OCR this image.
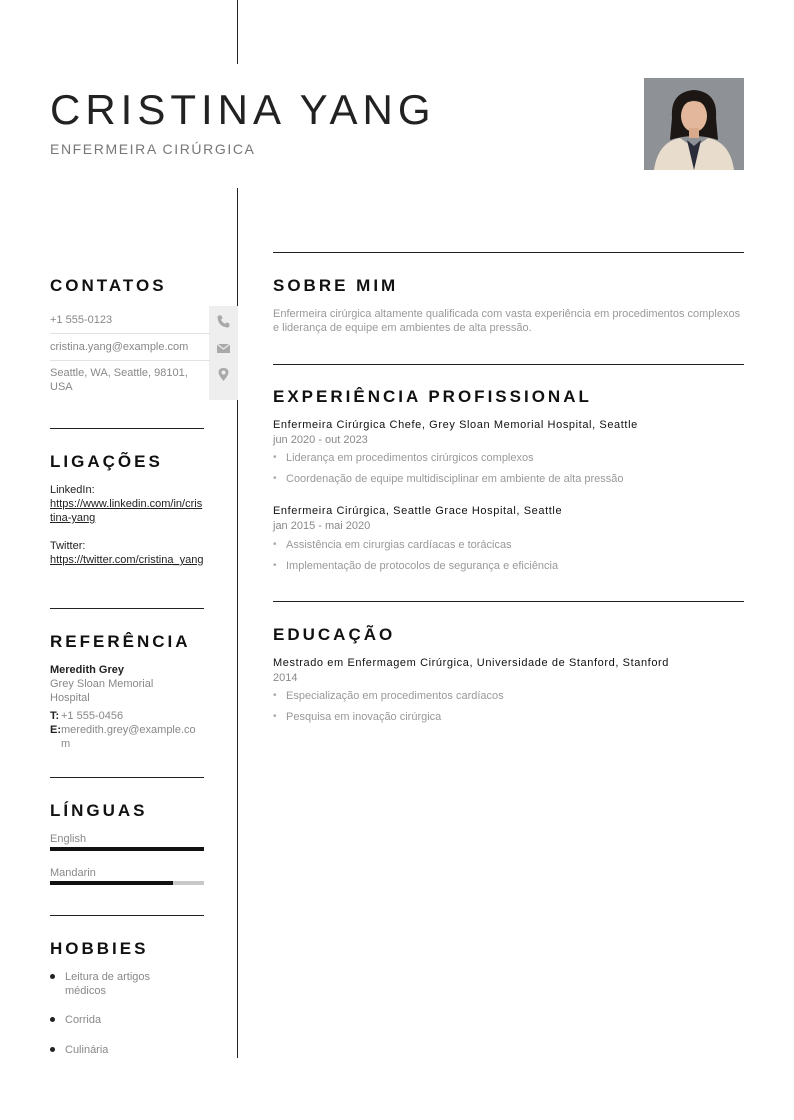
CRISTINA YANG
ENFERMEIRA CIRÚRGICA
CONTATOS
+1 555-0123
cristina.yang@example.com
Seattle, WA, Seattle, 98101, USA
LIGAÇÕES
LinkedIn:
https://www.linkedin.com/in/cristina-yang
Twitter:
https://twitter.com/cristina_yang
REFERÊNCIA
Meredith Grey
Grey Sloan Memorial Hospital
T: +1 555-0456
E: meredith.grey@example.com
LÍNGUAS
English
Mandarin
HOBBIES
Leitura de artigos médicos
Corrida
Culinária
SOBRE MIM

Enfermeira cirúrgica altamente qualificada com vasta experiência em procedimentos complexos e liderança de equipe em ambientes de alta pressão.

EXPERIÊNCIA PROFISSIONAL
Enfermeira Cirúrgica Chefe, Grey Sloan Memorial Hospital, Seattle
jun 2020 - out 2023
• Liderança em procedimentos cirúrgicos complexos
• Coordenação de equipe multidisciplinar em ambiente de alta pressão
Enfermeira Cirúrgica, Seattle Grace Hospital, Seattle
jan 2015 - mai 2020
• Assistência em cirurgias cardíacas e torácicas
• Implementação de protocolos de segurança e eficiência
EDUCAÇÃO
Mestrado em Enfermagem Cirúrgica, Universidade de Stanford, Stanford
2014
• Especialização em procedimentos cardíacos
• Pesquisa em inovação cirúrgica
